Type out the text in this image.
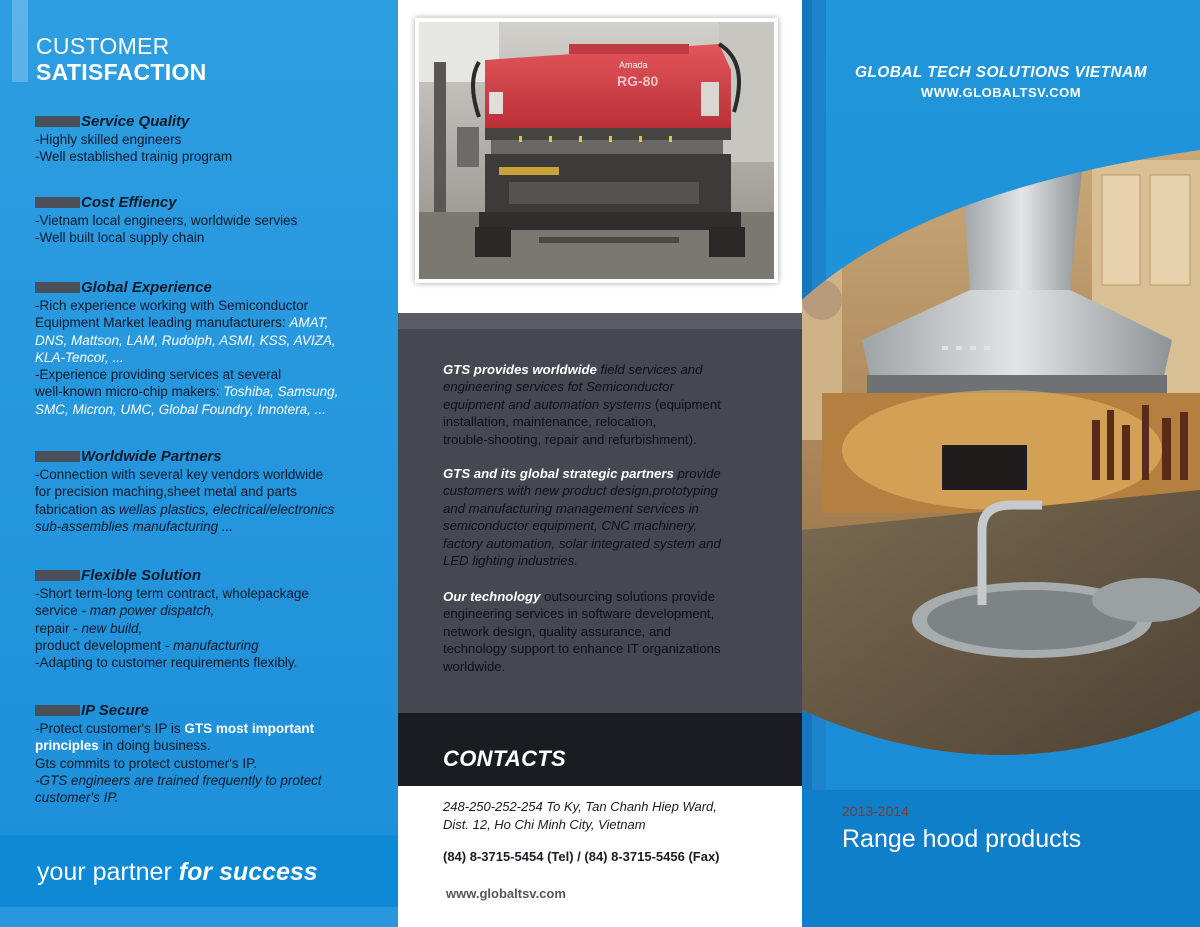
CUSTOMER
SATISFACTION
Service Quality
-Highly skilled engineers
-Well established trainig program
Cost Effiency
-Vietnam local engineers, worldwide servies
-Well built local supply chain
Global Experience
-Rich experience working with Semiconductor
Equipment Market leading manufacturers: AMAT,
DNS, Mattson, LAM, Rudolph, ASMI, KSS, AVIZA,
KLA-Tencor, ...
-Experience providing services at several
well-known micro-chip makers: Toshiba, Samsung,
SMC, Micron, UMC, Global Foundry, Innotera, ...
Worldwide Partners
-Connection with several key vendors worldwide
for precision maching,sheet metal and parts
fabrication as wellas plastics, electrical/electronics
sub-assemblies manufacturing ...
Flexible Solution
-Short term-long term contract, wholepackage
service - man power dispatch,
repair - new build,
product development - manufacturing
-Adapting to customer requirements flexibly.
IP Secure
-Protect customer's IP is GTS most important
principles in doing business.
Gts commits to protect customer's IP.
-GTS engineers are trained frequently to protect
customer's IP.
your partner for success
Amada
RG-80
GTS provides worldwide field services and
engineering services fot Semiconductor
equipment and automation systems (equipment
installation, maintenance, relocation,
trouble-shooting, repair and refurbishment).
GTS and its global strategic partners provide
customers with new product design,prototyping
and manufacturing management services in
semiconductor equipment, CNC machinery,
factory automation, solar integrated system and
LED lighting industries.
Our technology outsourcing solutions provide
engineering services in software development,
network design, quality assurance, and
technology support to enhance IT organizations
worldwide.
CONTACTS
248-250-252-254 To Ky, Tan Chanh Hiep Ward,
Dist. 12, Ho Chi Minh City, Vietnam
(84) 8-3715-5454 (Tel) / (84) 8-3715-5456 (Fax)
www.globaltsv.com
GLOBAL TECH SOLUTIONS VIETNAM
WWW.GLOBALTSV.COM
2013-2014
Range hood products
